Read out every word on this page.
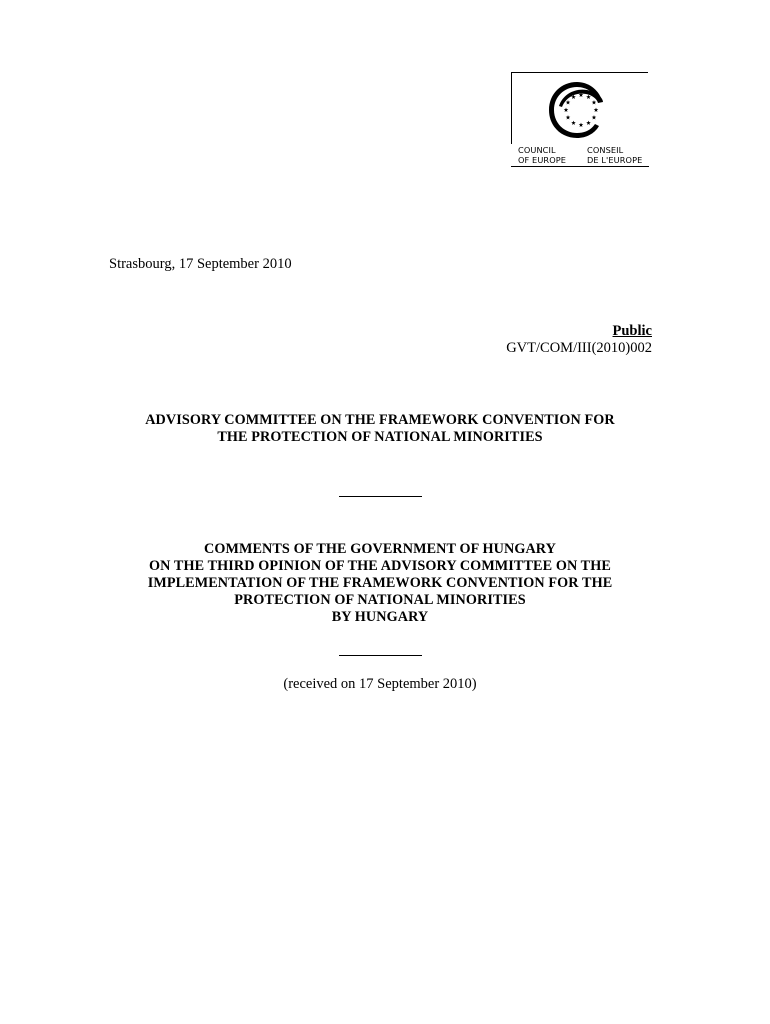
COUNCIL
OF EUROPE
CONSEIL
DE L'EUROPE
Strasbourg, 17 September 2010
Public
GVT/COM/III(2010)002
ADVISORY COMMITTEE ON THE FRAMEWORK CONVENTION FOR
THE PROTECTION OF NATIONAL MINORITIES
COMMENTS OF THE GOVERNMENT OF HUNGARY
ON THE THIRD OPINION OF THE ADVISORY COMMITTEE ON THE
IMPLEMENTATION OF THE FRAMEWORK CONVENTION FOR THE
PROTECTION OF NATIONAL MINORITIES
BY HUNGARY
(received on 17 September 2010)
